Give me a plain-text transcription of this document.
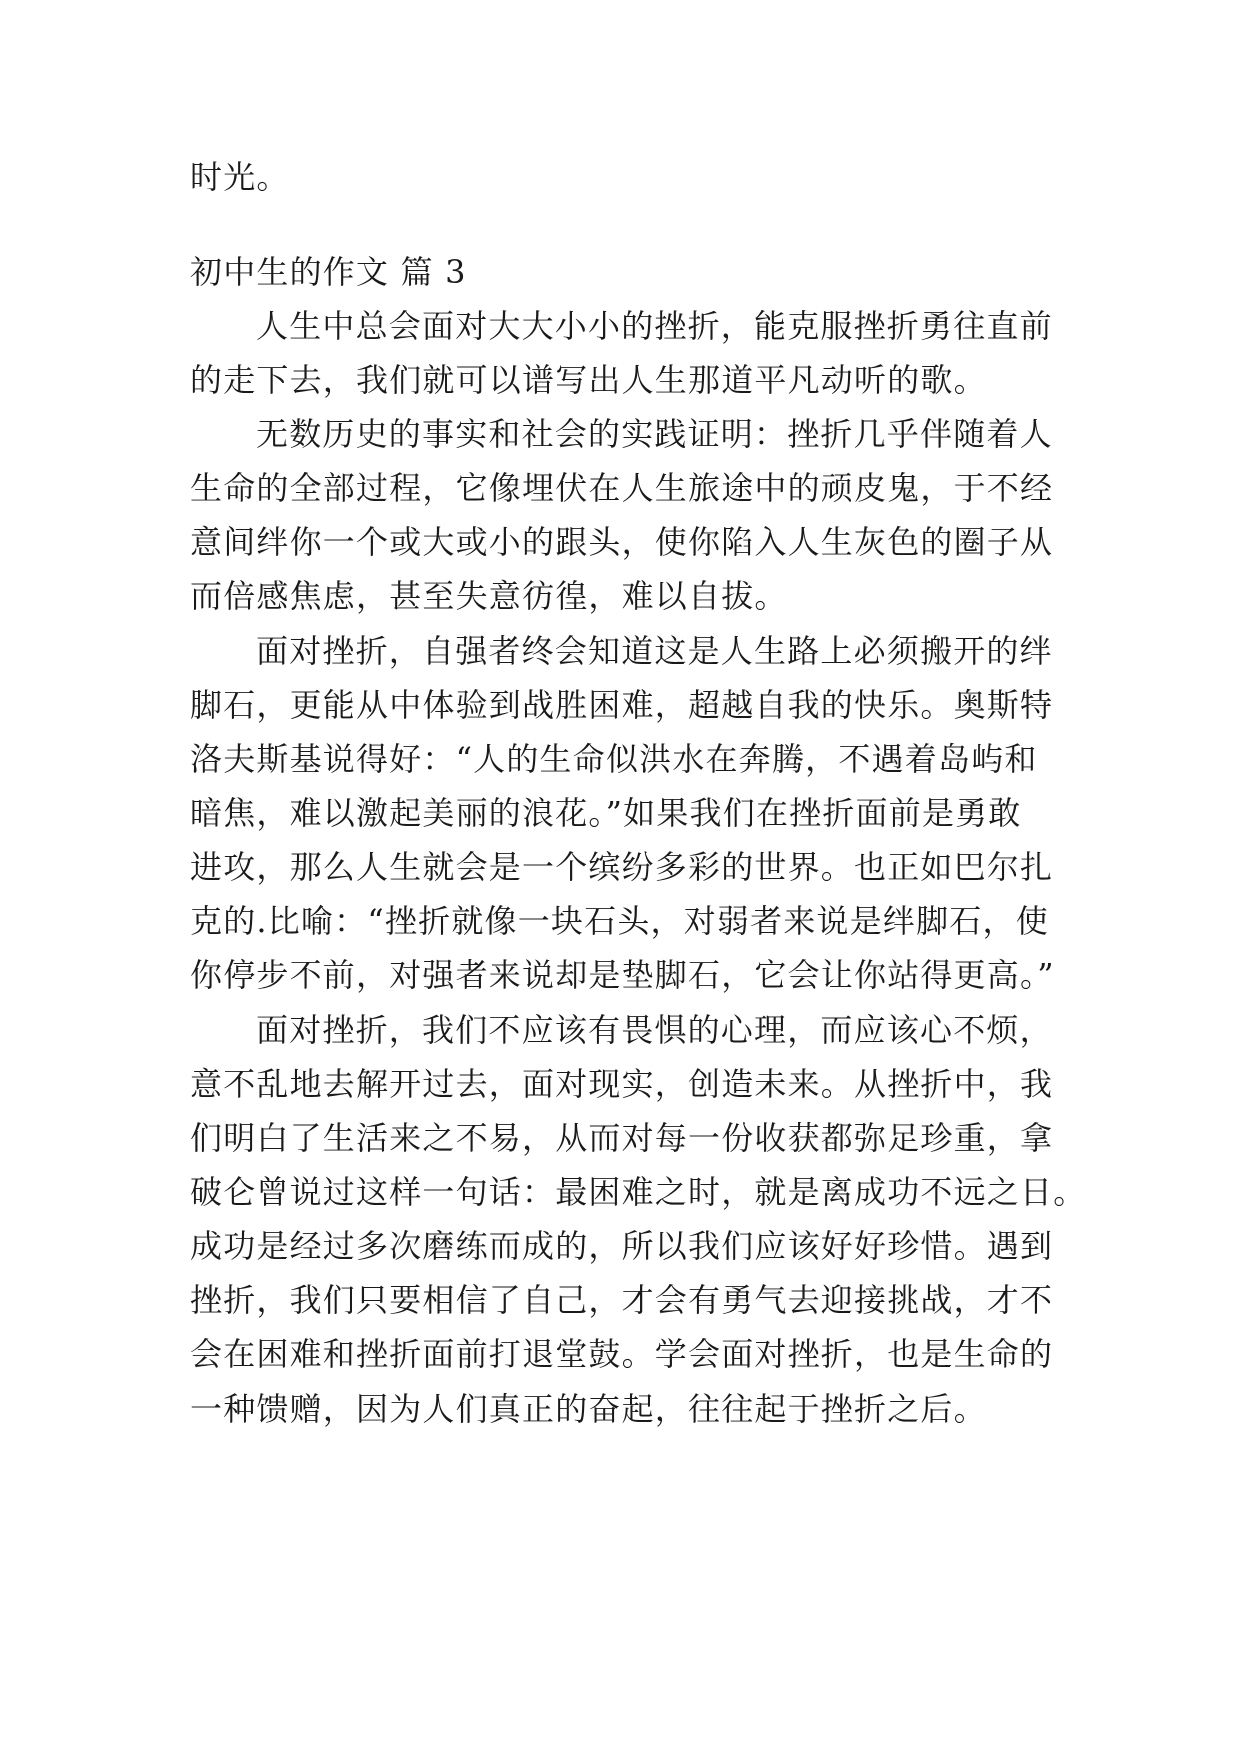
时光。
初中生的作文 篇 3
人生中总会面对大大小小的挫折，能克服挫折勇往直前
的走下去，我们就可以谱写出人生那道平凡动听的歌。
无数历史的事实和社会的实践证明：挫折几乎伴随着人
生命的全部过程，它像埋伏在人生旅途中的顽皮鬼，于不经
意间绊你一个或大或小的跟头，使你陷入人生灰色的圈子从
而倍感焦虑，甚至失意彷徨，难以自拔。
面对挫折，自强者终会知道这是人生路上必须搬开的绊
脚石，更能从中体验到战胜困难，超越自我的快乐。奥斯特
洛夫斯基说得好：“人的生命似洪水在奔腾，不遇着岛屿和
暗焦，难以激起美丽的浪花。”如果我们在挫折面前是勇敢
进攻，那么人生就会是一个缤纷多彩的世界。也正如巴尔扎
克的.比喻：“挫折就像一块石头，对弱者来说是绊脚石，使
你停步不前，对强者来说却是垫脚石，它会让你站得更高。”
面对挫折，我们不应该有畏惧的心理，而应该心不烦，
意不乱地去解开过去，面对现实，创造未来。从挫折中，我
们明白了生活来之不易，从而对每一份收获都弥足珍重，拿
破仑曾说过这样一句话：最困难之时，就是离成功不远之日。
成功是经过多次磨练而成的，所以我们应该好好珍惜。遇到
挫折，我们只要相信了自己，才会有勇气去迎接挑战，才不
会在困难和挫折面前打退堂鼓。学会面对挫折，也是生命的
一种馈赠，因为人们真正的奋起，往往起于挫折之后。
